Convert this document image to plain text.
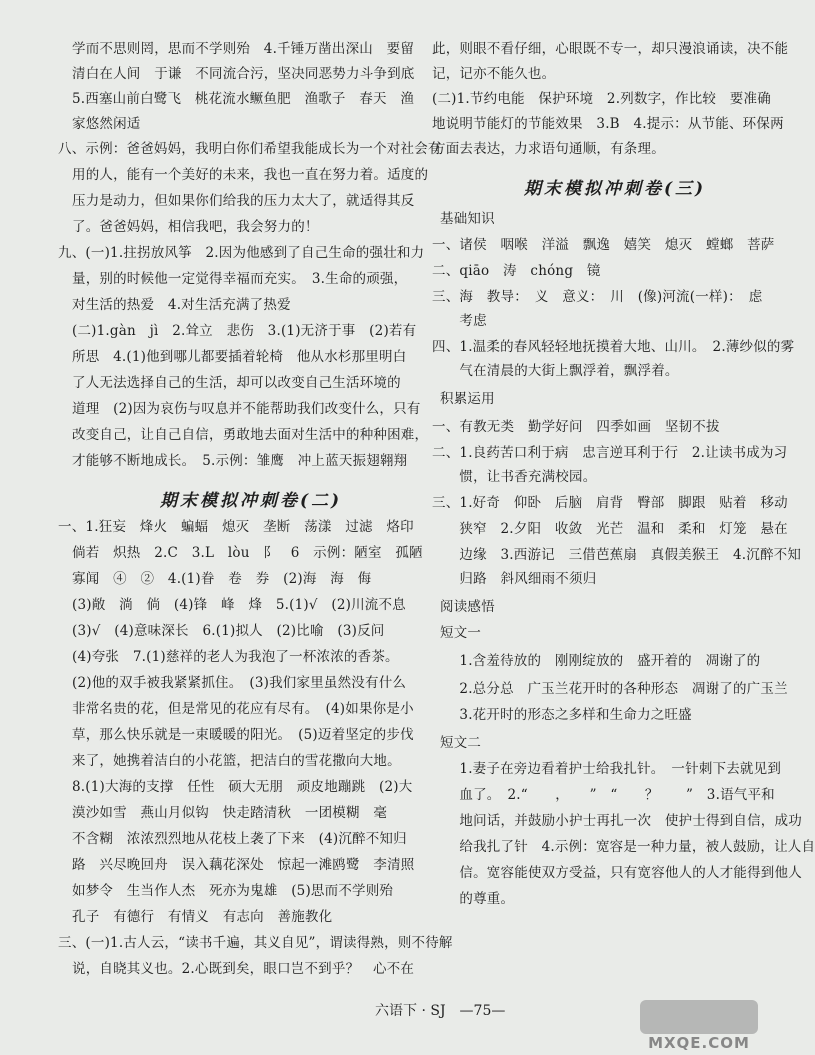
学而不思则罔，思而不学则殆　4.千锤万凿出深山　要留
清白在人间　于谦　不同流合污，坚决同恶势力斗争到底
5.西塞山前白鹭飞　桃花流水鳜鱼肥　渔歌子　春天　渔
家悠然闲适
八、示例：爸爸妈妈，我明白你们希望我能成长为一个对社会有
用的人，能有一个美好的未来，我也一直在努力着。适度的
压力是动力，但如果你们给我的压力太大了，就适得其反
了。爸爸妈妈，相信我吧，我会努力的！
九、(一)1.拄拐放风筝　2.因为他感到了自己生命的强壮和力
量，别的时候他一定觉得幸福而充实。　3.生命的顽强，
对生活的热爱　4.对生活充满了热爱
(二)1.gàn　jì　2.耸立　悲伤　3.(1)无济于事　(2)若有
所思　4.(1)他到哪儿都要插着轮椅　他从水杉那里明白
了人无法选择自己的生活，却可以改变自己生活环境的
道理　(2)因为哀伤与叹息并不能帮助我们改变什么，只有
改变自己，让自己自信，勇敢地去面对生活中的种种困难，
才能够不断地成长。　5.示例：雏鹰　冲上蓝天振翅翱翔
期末模拟冲刺卷(二)
一、1.狂妄　烽火　蝙蝠　熄灭　垄断　荡漾　过滤　烙印
倘若　炽热　2.C　3.L　lòu　阝　6　示例：陋室　孤陋
寡闻　④　②　4.(1)眷　卷　券　(2)海　海　侮
(3)敞　淌　倘　(4)锋　峰　烽　5.(1)√　(2)川流不息
(3)√　(4)意味深长　6.(1)拟人　(2)比喻　(3)反问
(4)夸张　7.(1)慈祥的老人为我泡了一杯浓浓的香茶。
(2)他的双手被我紧紧抓住。　(3)我们家里虽然没有什么
非常名贵的花，但是常见的花应有尽有。　(4)如果你是小
草，那么快乐就是一束暖暖的阳光。　(5)迈着坚定的步伐
来了，她携着洁白的小花篮，把洁白的雪花撒向大地。
8.(1)大海的支撑　任性　硕大无朋　顽皮地蹦跳　(2)大
漠沙如雪　燕山月似钩　快走踏清秋　一团模糊　毫
不含糊　浓浓烈烈地从花枝上袭了下来　(4)沉醉不知归
路　兴尽晚回舟　误入藕花深处　惊起一滩鸥鹭　李清照
如梦令　生当作人杰　死亦为鬼雄　(5)思而不学则殆
孔子　有德行　有情义　有志向　善施教化
三、(一)1.古人云，“读书千遍，其义自见”，谓读得熟，则不待解
说，自晓其义也。2.心既到矣，眼口岂不到乎？　心不在
此，则眼不看仔细，心眼既不专一，却只漫浪诵读，决不能
记，记亦不能久也。
(二)1.节约电能　保护环境　2.列数字，作比较　要准确
地说明节能灯的节能效果　3.B　4.提示：从节能、环保两
方面去表达，力求语句通顺，有条理。
期末模拟冲刺卷(三)
基础知识
一、诸侯　咽喉　洋溢　飘逸　嬉笑　熄灭　螳螂　菩萨
二、qiāo　涛　chóng　镜
三、海　教导：　义　意义：　川　(像)河流(一样)：　虑
　　考虑
四、1.温柔的春风轻轻地抚摸着大地、山川。　2.薄纱似的雾
　　气在清晨的大街上飘浮着，飘浮着。
积累运用
一、有教无类　勤学好问　四季如画　坚韧不拔
二、1.良药苦口利于病　忠言逆耳利于行　2.让读书成为习
　　惯，让书香充满校园。
三、1.好奇　仰卧　后脑　肩背　臀部　脚跟　贴着　移动
　　狭窄　2.夕阳　收敛　光芒　温和　柔和　灯笼　悬在
　　边缘　3.西游记　三借芭蕉扇　真假美猴王　4.沉醉不知
　　归路　斜风细雨不须归
阅读感悟
短文一
　　1.含羞待放的　刚刚绽放的　盛开着的　凋谢了的
　　2.总分总　广玉兰花开时的各种形态　凋谢了的广玉兰
　　3.花开时的形态之多样和生命力之旺盛
短文二
　　1.妻子在旁边看着护士给我扎针。　一针刺下去就见到
　　血了。　2.“　　，　　”　“　　？　　”　3.语气平和
　　地问话，并鼓励小护士再扎一次　使护士得到自信，成功
　　给我扎了针　4.示例：宽容是一种力量，被人鼓励，让人自
　　信。宽容能使双方受益，只有宽容他人的人才能得到他人
　　的尊重。
六语下 · SJ　—75—
MXQE.COM
